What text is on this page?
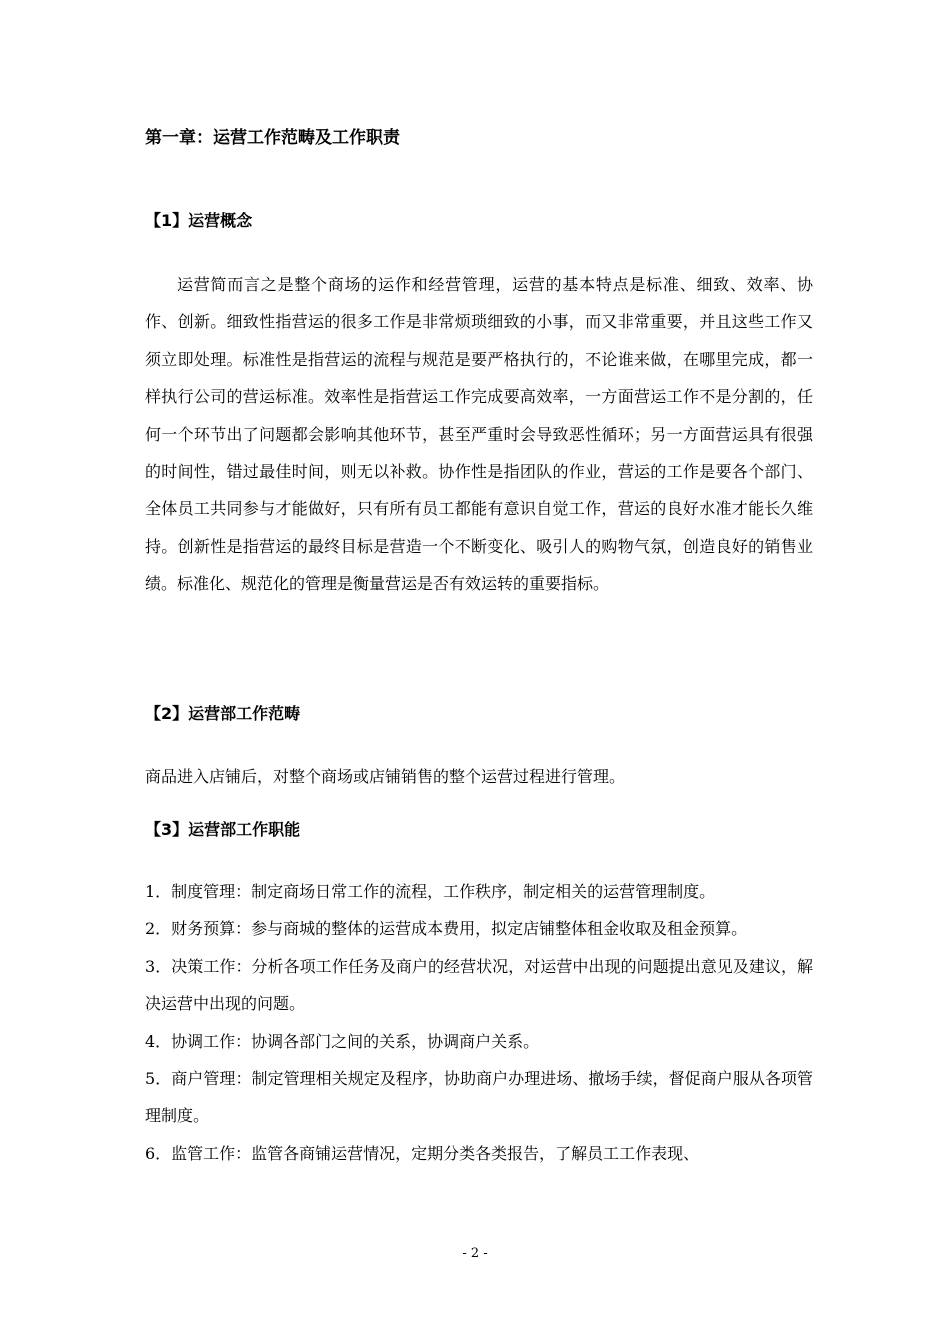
第一章：运营工作范畴及工作职责
【1】运营概念
运营简而言之是整个商场的运作和经营管理，运营的基本特点是标准、细致、效率、协作、创新。细致性指营运的很多工作是非常烦琐细致的小事，而又非常重要，并且这些工作又须立即处理。标准性是指营运的流程与规范是要严格执行的，不论谁来做，在哪里完成，都一样执行公司的营运标准。效率性是指营运工作完成要高效率，一方面营运工作不是分割的，任何一个环节出了问题都会影响其他环节，甚至严重时会导致恶性循环；另一方面营运具有很强的时间性，错过最佳时间，则无以补救。协作性是指团队的作业，营运的工作是要各个部门、全体员工共同参与才能做好，只有所有员工都能有意识自觉工作，营运的良好水准才能长久维持。创新性是指营运的最终目标是营造一个不断变化、吸引人的购物气氛，创造良好的销售业绩。标准化、规范化的管理是衡量营运是否有效运转的重要指标。
【2】运营部工作范畴
商品进入店铺后，对整个商场或店铺销售的整个运营过程进行管理。
【3】运营部工作职能
1．制度管理：制定商场日常工作的流程，工作秩序，制定相关的运营管理制度。
2．财务预算：参与商城的整体的运营成本费用，拟定店铺整体租金收取及租金预算。
3．决策工作：分析各项工作任务及商户的经营状况，对运营中出现的问题提出意见及建议，解决运营中出现的问题。
4．协调工作：协调各部门之间的关系，协调商户关系。
5．商户管理：制定管理相关规定及程序，协助商户办理进场、撤场手续，督促商户服从各项管理制度。
6．监管工作：监管各商铺运营情况，定期分类各类报告，了解员工工作表现、
- 2 -
